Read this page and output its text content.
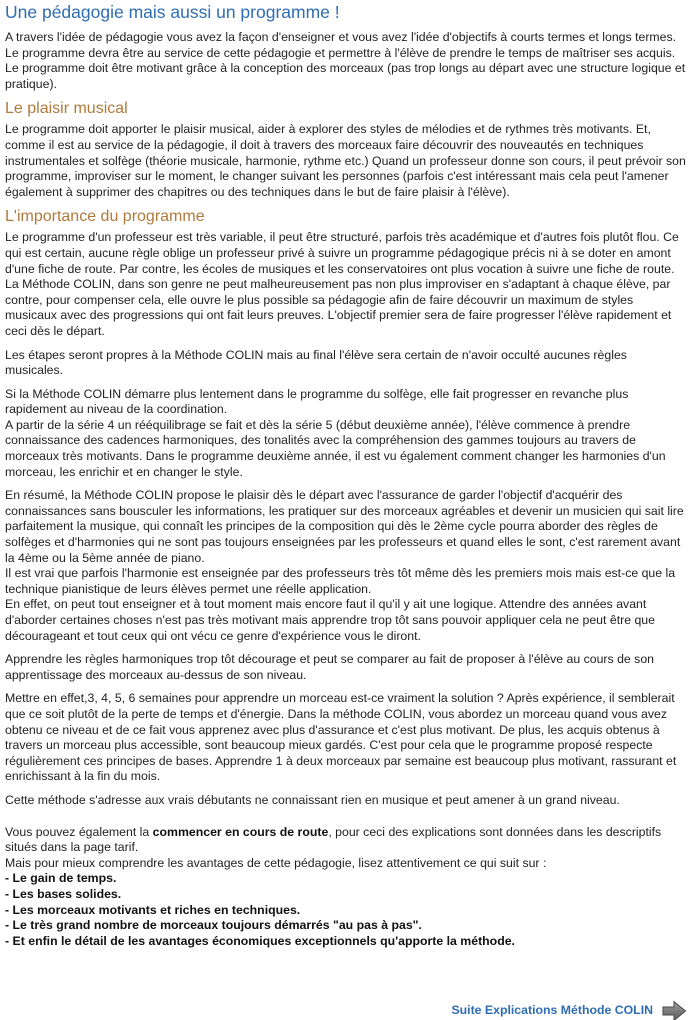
Une pédagogie mais aussi un programme !

A travers l'idée de pédagogie vous avez la façon d'enseigner et vous avez l'idée d'objectifs à courts termes et longs termes.

Le programme devra être au service de cette pédagogie et permettre à l'élève de prendre le temps de maîtriser ses acquis. Le programme doit être motivant grâce à la conception des morceaux (pas trop longs au départ avec une structure logique et pratique).

Le plaisir musical

Le programme doit apporter le plaisir musical, aider à explorer des styles de mélodies et de rythmes très motivants. Et, comme il est au service de la pédagogie, il doit à travers des morceaux faire découvrir des nouveautés en techniques instrumentales et solfège (théorie musicale, harmonie, rythme etc.) Quand un professeur donne son cours, il peut prévoir son programme, improviser sur le moment, le changer suivant les personnes (parfois c'est intéressant mais cela peut l'amener également à supprimer des chapitres ou des techniques dans le but de faire plaisir à l'élève).

L'importance du programme

Le programme d'un professeur est très variable, il peut être structuré, parfois très académique et d'autres fois plutôt flou. Ce qui est certain, aucune règle oblige un professeur privé à suivre un programme pédagogique précis ni à se doter en amont d'une fiche de route. Par contre, les écoles de musiques et les conservatoires ont plus vocation à suivre une fiche de route.

La Méthode COLIN, dans son genre ne peut malheureusement pas non plus improviser en s'adaptant à chaque élève, par contre, pour compenser cela, elle ouvre le plus possible sa pédagogie afin de faire découvrir un maximum de styles musicaux avec des progressions qui ont fait leurs preuves. L'objectif premier sera de faire progresser l'élève rapidement et ceci dès le départ.

Les étapes seront propres à la Méthode COLIN mais au final l'élève sera certain de n'avoir occulté aucunes règles musicales.

Si la Méthode COLIN démarre plus lentement dans le programme du solfège, elle fait progresser en revanche plus rapidement au niveau de la coordination.

A partir de la série 4 un rééquilibrage se fait et dès la série 5 (début deuxième année), l'élève commence à prendre connaissance des cadences harmoniques, des tonalités avec la compréhension des gammes toujours au travers de morceaux très motivants. Dans le programme deuxième année, il est vu également comment changer les harmonies d'un morceau, les enrichir et en changer le style.

En résumé, la Méthode COLIN propose le plaisir dès le départ avec l'assurance de garder l'objectif d'acquérir des connaissances sans bousculer les informations, les pratiquer sur des morceaux agréables et devenir un musicien qui sait lire parfaitement la musique, qui connaît les principes de la composition qui dès le 2ème cycle pourra aborder des règles de solfèges et d'harmonies qui ne sont pas toujours enseignées par les professeurs et quand elles le sont, c'est rarement avant la 4ème ou la 5ème année de piano.

Il est vrai que parfois l'harmonie est enseignée par des professeurs très tôt même dès les premiers mois mais est-ce que la technique pianistique de leurs élèves permet une réelle application.

En effet, on peut tout enseigner et à tout moment mais encore faut il qu'il y ait une logique. Attendre des années avant d'aborder certaines choses n'est pas très motivant mais apprendre trop tôt sans pouvoir appliquer cela ne peut être que décourageant et tout ceux qui ont vécu ce genre d'expérience vous le diront.

Apprendre les règles harmoniques trop tôt décourage et peut se comparer au fait de proposer à l'élève au cours de son apprentissage des morceaux au-dessus de son niveau.

Mettre en effet,3, 4, 5, 6 semaines pour apprendre un morceau est-ce vraiment la solution ? Après expérience, il semblerait que ce soit plutôt de la perte de temps et d'énergie. Dans la méthode COLIN, vous abordez un morceau quand vous avez obtenu ce niveau et de ce fait vous apprenez avec plus d'assurance et c'est plus motivant. De plus, les acquis obtenus à travers un morceau plus accessible, sont beaucoup mieux gardés. C'est pour cela que le programme proposé respecte régulièrement ces principes de bases. Apprendre 1 à deux morceaux par semaine est beaucoup plus motivant, rassurant et enrichissant à la fin du mois.

Cette méthode s'adresse aux vrais débutants ne connaissant rien en musique et peut amener à un grand niveau.

Vous pouvez également la commencer en cours de route, pour ceci des explications sont données dans les descriptifs situés dans la page tarif.

Mais pour mieux comprendre les avantages de cette pédagogie, lisez attentivement ce qui suit sur :

- Le gain de temps.
- Les bases solides.
- Les morceaux motivants et riches en techniques.
- Le très grand nombre de morceaux toujours démarrés "au pas à pas".
- Et enfin le détail de les avantages économiques exceptionnels qu'apporte la méthode.
Suite Explications Méthode COLIN
